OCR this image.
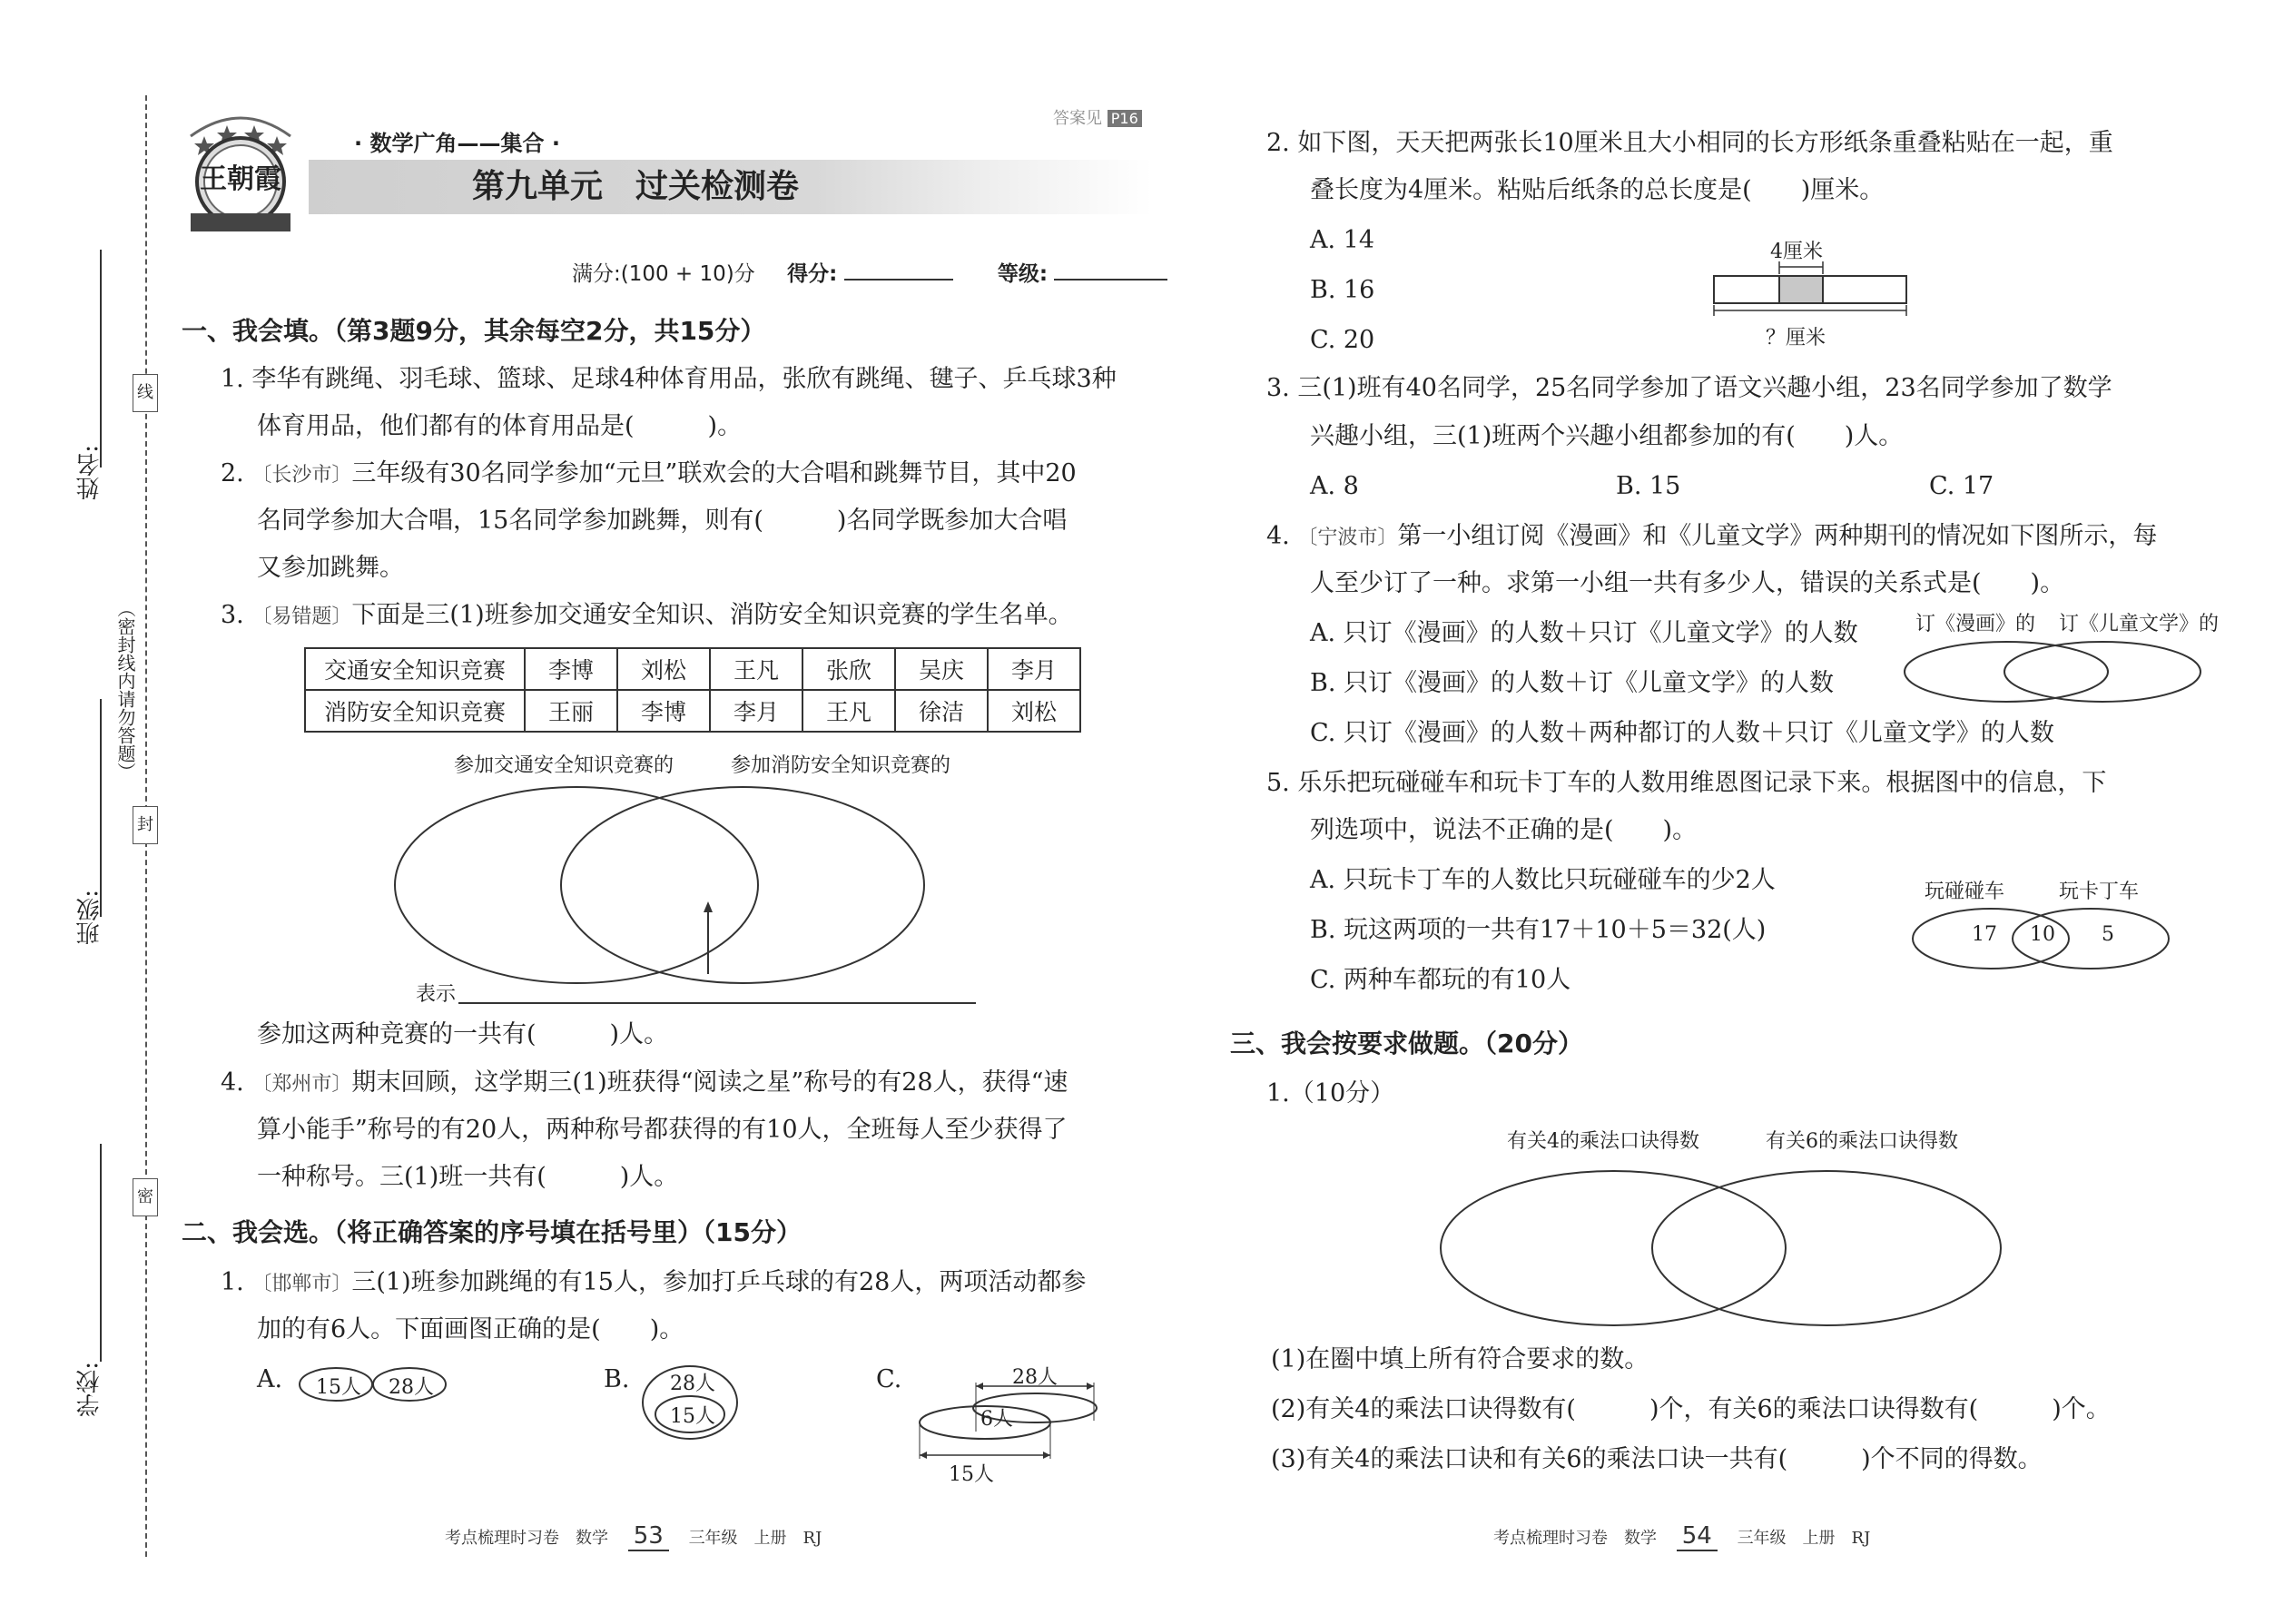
线
封
密
（密封线内请勿答题）
姓名:
班级:
学校:
王朝霞
· 数学广角——集合 ·
答案见 P16
第九单元　过关检测卷
满分:(100 + 10)分 得分:	等级:
一、我会填。（第3题9分，其余每空2分，共15分）
1. 李华有跳绳、羽毛球、篮球、足球4种体育用品，张欣有跳绳、毽子、乒乓球3种
体育用品，他们都有的体育用品是(　　　)。
2. 〔长沙市〕三年级有30名同学参加“元旦”联欢会的大合唱和跳舞节目，其中20
名同学参加大合唱，15名同学参加跳舞，则有(　　　)名同学既参加大合唱
又参加跳舞。
3. 〔易错题〕下面是三(1)班参加交通安全知识、消防安全知识竞赛的学生名单。
交通安全知识竞赛	李博	刘松	王凡	张欣	吴庆	李月
消防安全知识竞赛	王丽	李博	李月	王凡	徐洁	刘松
参加交通安全知识竞赛的	参加消防安全知识竞赛的
表示
参加这两种竞赛的一共有(　　　)人。
4. 〔郑州市〕期末回顾，这学期三(1)班获得“阅读之星”称号的有28人，获得“速
算小能手”称号的有20人，两种称号都获得的有10人，全班每人至少获得了
一种称号。三(1)班一共有(　　　)人。
二、我会选。（将正确答案的序号填在括号里）（15分）
1. 〔邯郸市〕三(1)班参加跳绳的有15人，参加打乒乓球的有28人，两项活动都参
加的有6人。下面画图正确的是(　　)。
A. 15人 28人	B. 28人
15人
C.	28人
6人
15人
考点梳理时习卷　数学 53 三年级　上册　RJ
2. 如下图，天天把两张长10厘米且大小相同的长方形纸条重叠粘贴在一起，重
叠长度为4厘米。粘贴后纸条的总长度是(　　)厘米。
A. 14
B. 16
C. 20
4厘米
？厘米
3. 三(1)班有40名同学，25名同学参加了语文兴趣小组，23名同学参加了数学
兴趣小组，三(1)班两个兴趣小组都参加的有(　　)人。
A. 8	B. 15	C. 17
4. 〔宁波市〕第一小组订阅《漫画》和《儿童文学》两种期刊的情况如下图所示，每
人至少订了一种。求第一小组一共有多少人，错误的关系式是(　　)。
A. 只订《漫画》的人数＋只订《儿童文学》的人数
B. 只订《漫画》的人数＋订《儿童文学》的人数
C. 只订《漫画》的人数＋两种都订的人数＋只订《儿童文学》的人数
订《漫画》的 订《儿童文学》的
5. 乐乐把玩碰碰车和玩卡丁车的人数用维恩图记录下来。根据图中的信息，下
列选项中，说法不正确的是(　　)。
A. 只玩卡丁车的人数比只玩碰碰车的少2人
B. 玩这两项的一共有17＋10＋5＝32(人)
C. 两种车都玩的有10人
玩碰碰车	玩卡丁车
17 10 5
三、我会按要求做题。（20分）
1.（10分）
有关4的乘法口诀得数	有关6的乘法口诀得数
(1)在圈中填上所有符合要求的数。
(2)有关4的乘法口诀得数有(　　　)个，有关6的乘法口诀得数有(　　　)个。
(3)有关4的乘法口诀和有关6的乘法口诀一共有(　　　)个不同的得数。
考点梳理时习卷　数学 54 三年级　上册　RJ
